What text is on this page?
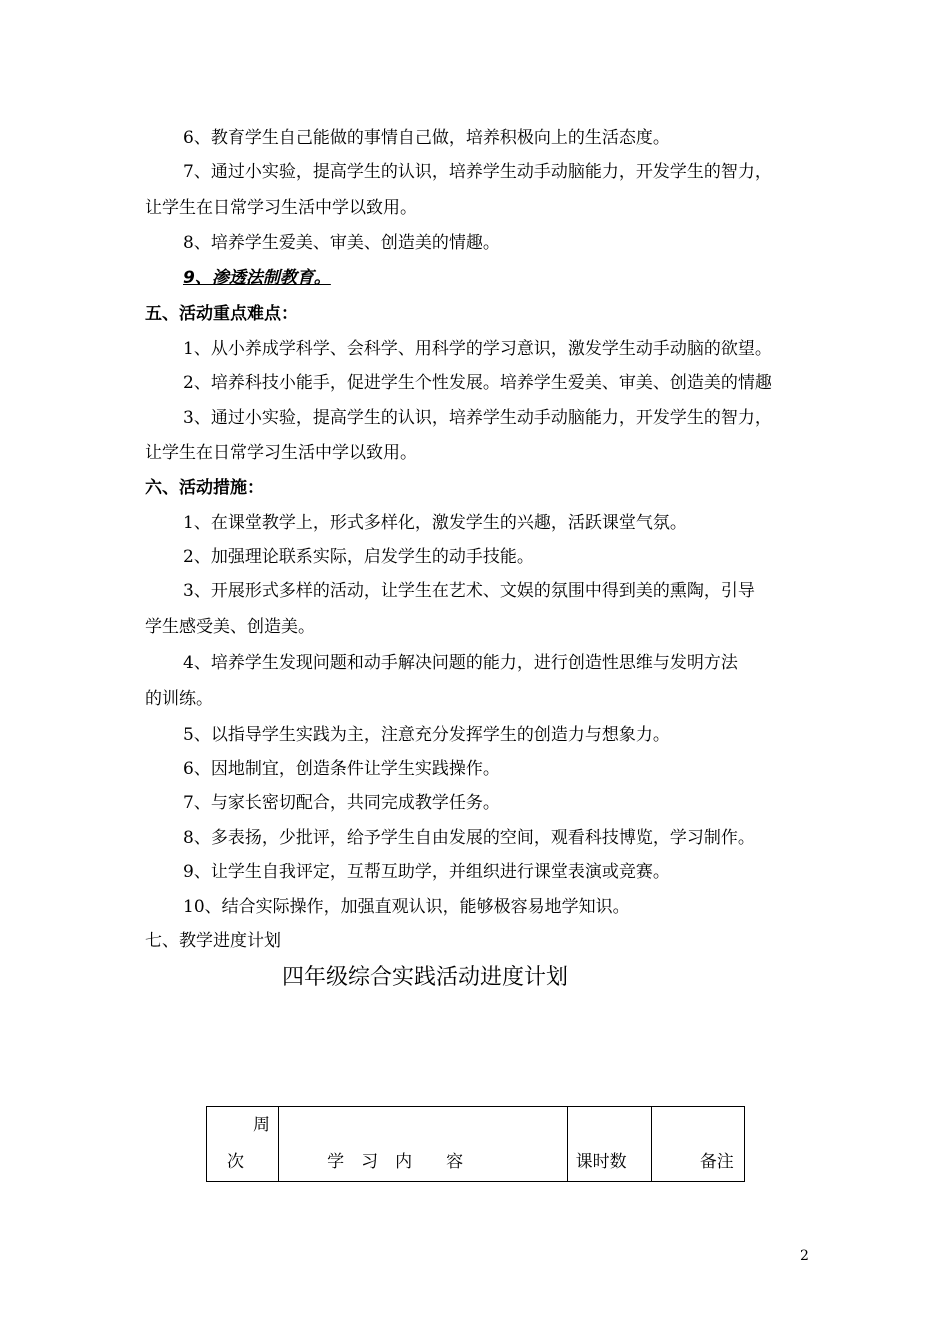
6、教育学生自己能做的事情自己做，培养积极向上的生活态度。
7、通过小实验，提高学生的认识，培养学生动手动脑能力，开发学生的智力，
让学生在日常学习生活中学以致用。
8、培养学生爱美、审美、创造美的情趣。
9、渗透法制教育。
五、活动重点难点：
1、从小养成学科学、会科学、用科学的学习意识，激发学生动手动脑的欲望。
2、培养科技小能手，促进学生个性发展。培养学生爱美、审美、创造美的情趣
3、通过小实验，提高学生的认识，培养学生动手动脑能力，开发学生的智力，
让学生在日常学习生活中学以致用。
六、活动措施：
1、在课堂教学上，形式多样化，激发学生的兴趣，活跃课堂气氛。
2、加强理论联系实际，启发学生的动手技能。
3、开展形式多样的活动，让学生在艺术、文娱的氛围中得到美的熏陶，引导
学生感受美、创造美。
4、培养学生发现问题和动手解决问题的能力，进行创造性思维与发明方法
的训练。
5、以指导学生实践为主，注意充分发挥学生的创造力与想象力。
6、因地制宜，创造条件让学生实践操作。
7、与家长密切配合，共同完成教学任务。
8、多表扬，少批评，给予学生自由发展的空间，观看科技博览，学习制作。
9、让学生自我评定，互帮互助学，并组织进行课堂表演或竞赛。
10、结合实际操作，加强直观认识，能够极容易地学知识。
七、教学进度计划
四年级综合实践活动进度计划
周
次	学　习　内　　容	课时数	备注
2
